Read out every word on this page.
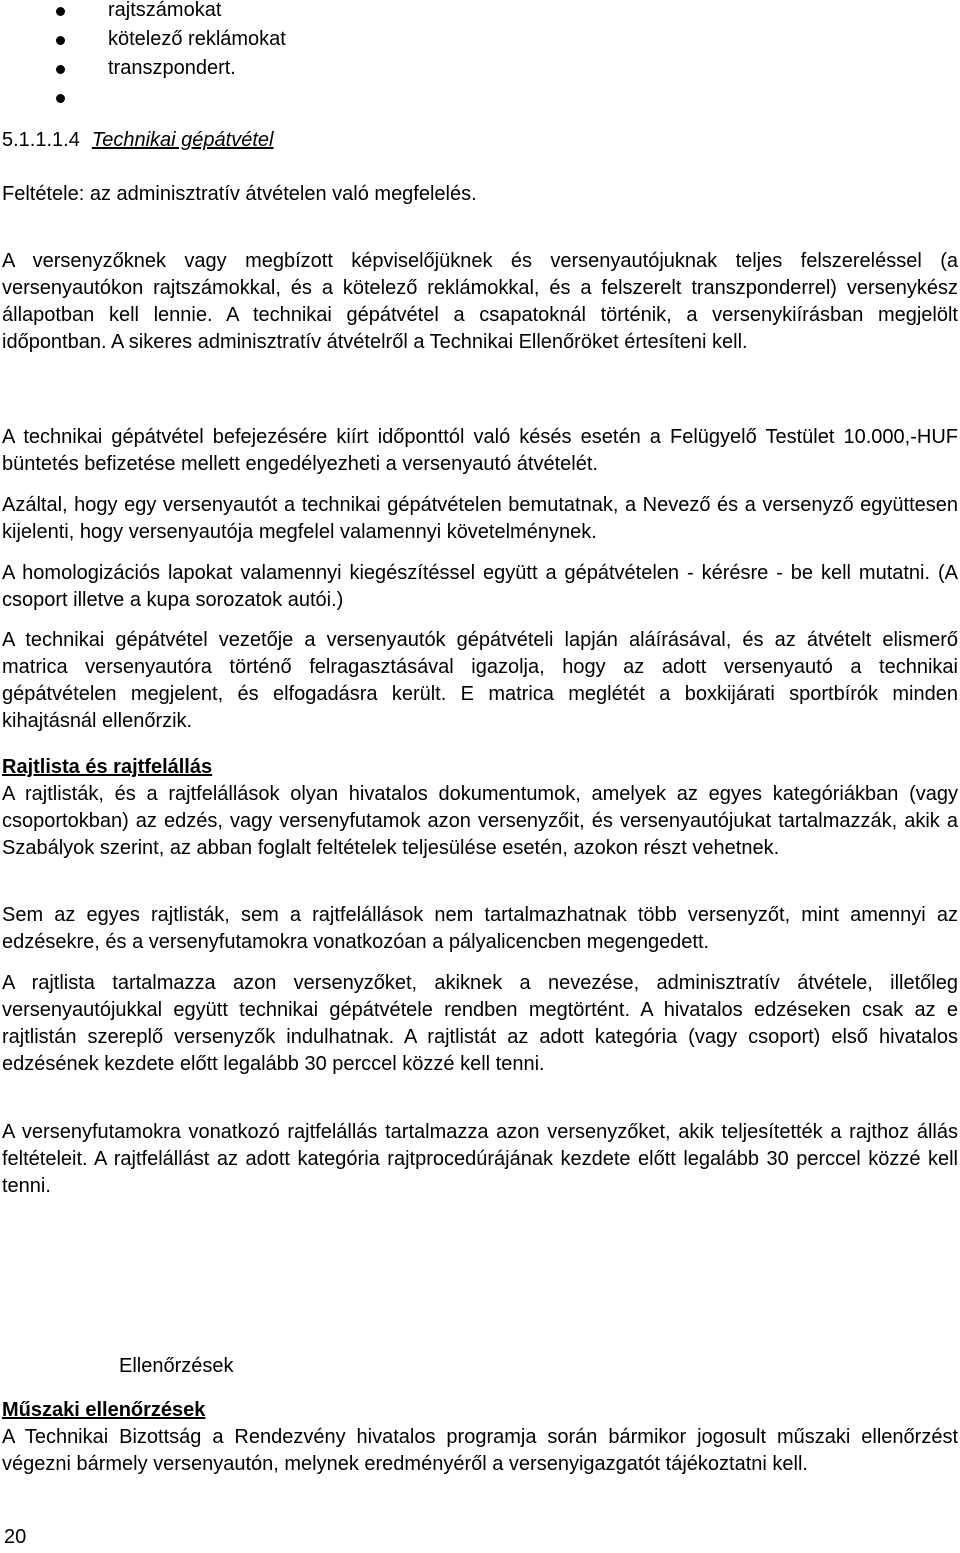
rajtszámokat
kötelező reklámokat
transzpondert.
5.1.1.1.4 Technikai gépátvétel
Feltétele: az adminisztratív átvételen való megfelelés.
A versenyzőknek vagy megbízott képviselőjüknek és versenyautójuknak teljes felszereléssel (a versenyautókon rajtszámokkal, és a kötelező reklámokkal, és a felszerelt transzponderrel) versenykész állapotban kell lennie. A technikai gépátvétel a csapatoknál történik, a versenykiírásban megjelölt időpontban. A sikeres adminisztratív átvételről a Technikai Ellenőröket értesíteni kell.
A technikai gépátvétel befejezésére kiírt időponttól való késés esetén a Felügyelő Testület 10.000,-HUF büntetés befizetése mellett engedélyezheti a versenyautó átvételét.
Azáltal, hogy egy versenyautót a technikai gépátvételen bemutatnak, a Nevező és a versenyző együttesen kijelenti, hogy versenyautója megfelel valamennyi követelménynek.
A homologizációs lapokat valamennyi kiegészítéssel együtt a gépátvételen - kérésre - be kell mutatni. (A csoport illetve a kupa sorozatok autói.)
A technikai gépátvétel vezetője a versenyautók gépátvételi lapján aláírásával, és az átvételt elismerő matrica versenyautóra történő felragasztásával igazolja, hogy az adott versenyautó a technikai gépátvételen megjelent, és elfogadásra került. E matrica meglétét a boxkijárati sportbírók minden kihajtásnál ellenőrzik.
Rajtlista és rajtfelállás
A rajtlisták, és a rajtfelállások olyan hivatalos dokumentumok, amelyek az egyes kategóriákban (vagy csoportokban) az edzés, vagy versenyfutamok azon versenyzőit, és versenyautójukat tartalmazzák, akik a Szabályok szerint, az abban foglalt feltételek teljesülése esetén, azokon részt vehetnek.
Sem az egyes rajtlisták, sem a rajtfelállások nem tartalmazhatnak több versenyzőt, mint amennyi az edzésekre, és a versenyfutamokra vonatkozóan a pályalicencben megengedett.
A rajtlista tartalmazza azon versenyzőket, akiknek a nevezése, adminisztratív átvétele, illetőleg versenyautójukkal együtt technikai gépátvétele rendben megtörtént. A hivatalos edzéseken csak az e rajtlistán szereplő versenyzők indulhatnak. A rajtlistát az adott kategória (vagy csoport) első hivatalos edzésének kezdete előtt legalább 30 perccel közzé kell tenni.
A versenyfutamokra vonatkozó rajtfelállás tartalmazza azon versenyzőket, akik teljesítették a rajthoz állás feltételeit. A rajtfelállást az adott kategória rajtprocedúrájának kezdete előtt legalább 30 perccel közzé kell tenni.
Ellenőrzések
Műszaki ellenőrzések
A Technikai Bizottság a Rendezvény hivatalos programja során bármikor jogosult műszaki ellenőrzést végezni bármely versenyautón, melynek eredményéről a versenyigazgatót tájékoztatni kell.
20
